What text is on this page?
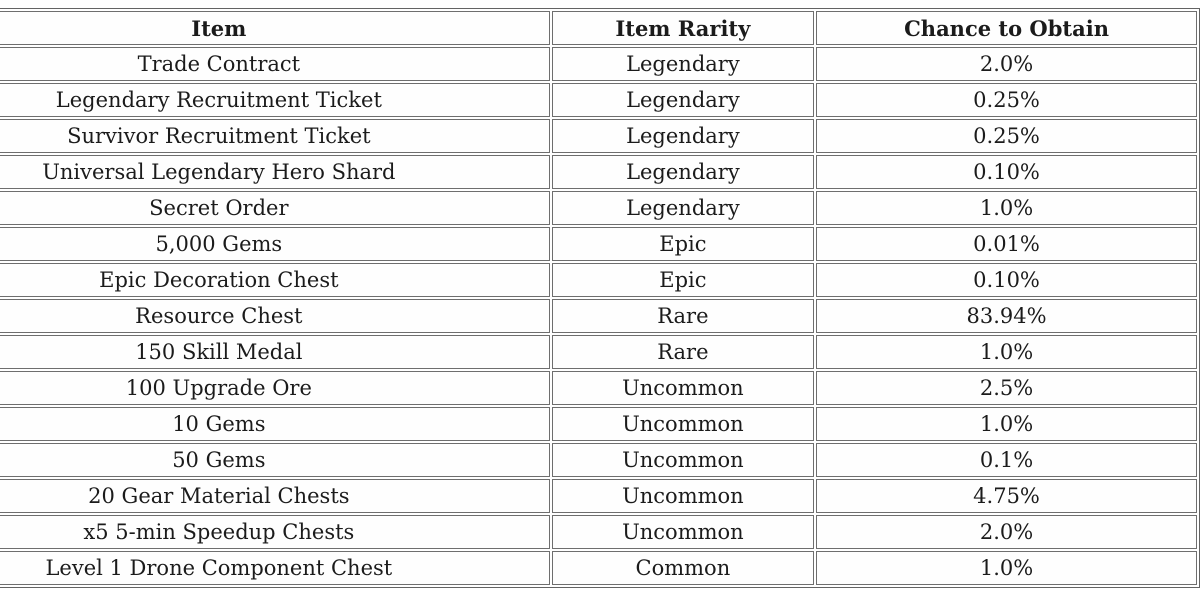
Item	Item Rarity	Chance to Obtain
Trade Contract	Legendary	2.0%
Legendary Recruitment Ticket	Legendary	0.25%
Survivor Recruitment Ticket	Legendary	0.25%
Universal Legendary Hero Shard	Legendary	0.10%
Secret Order	Legendary	1.0%
5,000 Gems	Epic	0.01%
Epic Decoration Chest	Epic	0.10%
Resource Chest	Rare	83.94%
150 Skill Medal	Rare	1.0%
100 Upgrade Ore	Uncommon	2.5%
10 Gems	Uncommon	1.0%
50 Gems	Uncommon	0.1%
20 Gear Material Chests	Uncommon	4.75%
x5 5-min Speedup Chests	Uncommon	2.0%
Level 1 Drone Component Chest	Common	1.0%
